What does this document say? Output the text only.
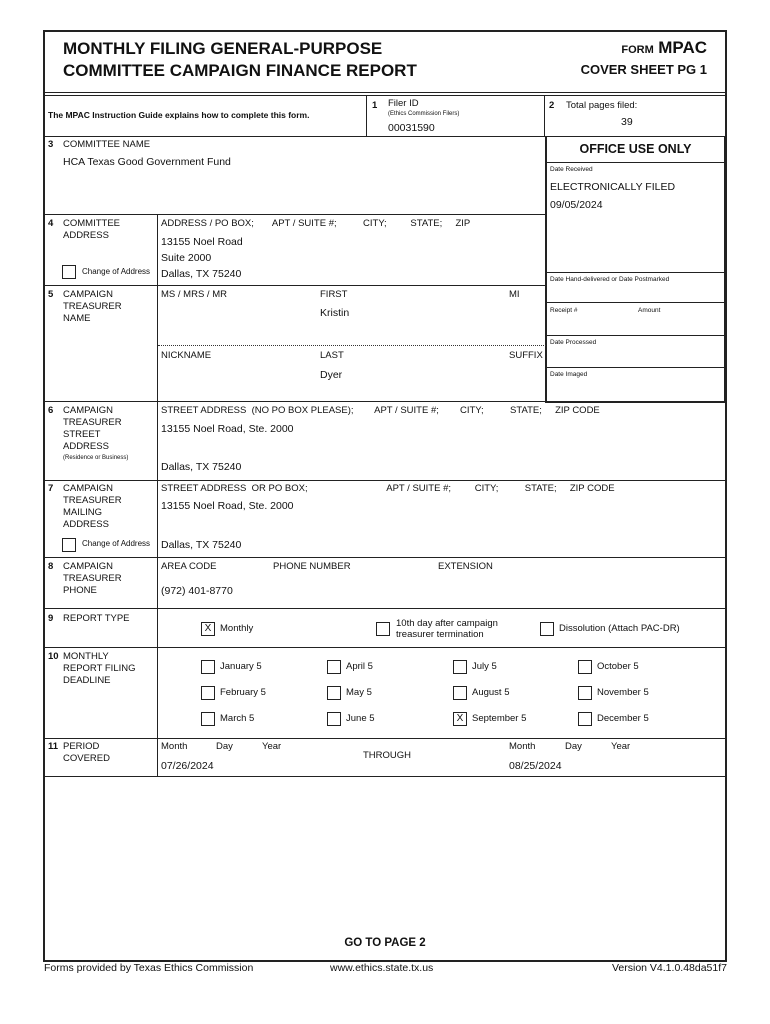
MONTHLY FILING GENERAL-PURPOSE
COMMITTEE CAMPAIGN FINANCE REPORT
FORM MPAC
COVER SHEET PG 1
The MPAC Instruction Guide explains how to complete this form.
1 Filer ID
(Ethics Commission Filers)
00031590
2 Total pages filed:
39
OFFICE USE ONLY
Date Received
ELECTRONICALLY FILED
09/05/2024
Date Hand-delivered or Date Postmarked
Receipt #	Amount
Date Processed
Date Imaged
3 COMMITTEE NAME
HCA Texas Good Government Fund
4 COMMITTEE
ADDRESS
ADDRESS / PO BOX;       APT / SUITE #;          CITY;         STATE;     ZIP
13155 Noel Road
Suite 2000
Dallas, TX 75240
Change of Address
5 CAMPAIGN
TREASURER
NAME
MS / MRS / MR	FIRST	MI
Kristin
NICKNAME	LAST	SUFFIX
Dyer
6 CAMPAIGN
TREASURER
STREET
ADDRESS
(Residence or Business)
STREET ADDRESS  (NO PO BOX PLEASE);        APT / SUITE #;        CITY;          STATE;     ZIP CODE
13155 Noel Road, Ste. 2000
Dallas, TX 75240
7 CAMPAIGN
TREASURER
MAILING
ADDRESS
STREET ADDRESS  OR PO BOX;                              APT / SUITE #;         CITY;          STATE;     ZIP CODE
13155 Noel Road, Ste. 2000
Dallas, TX 75240
Change of Address
8 CAMPAIGN
TREASURER
PHONE
AREA CODE	PHONE NUMBER	EXTENSION
(972) 401-8770
9 REPORT TYPE
X Monthly	10th day after campaign
treasurer termination
Dissolution (Attach PAC-DR)
10 MONTHLY
REPORT FILING
DEADLINE
January 5	April 5	July 5	October 5
February 5	May 5	August 5	November 5
March 5	June 5	X September 5	December 5
11 PERIOD
COVERED
Month	Day	Year
07/26/2024
THROUGH
Month	Day	Year
08/25/2024
GO TO PAGE 2
Forms provided by Texas Ethics Commission	www.ethics.state.tx.us	Version V4.1.0.48da51f7
